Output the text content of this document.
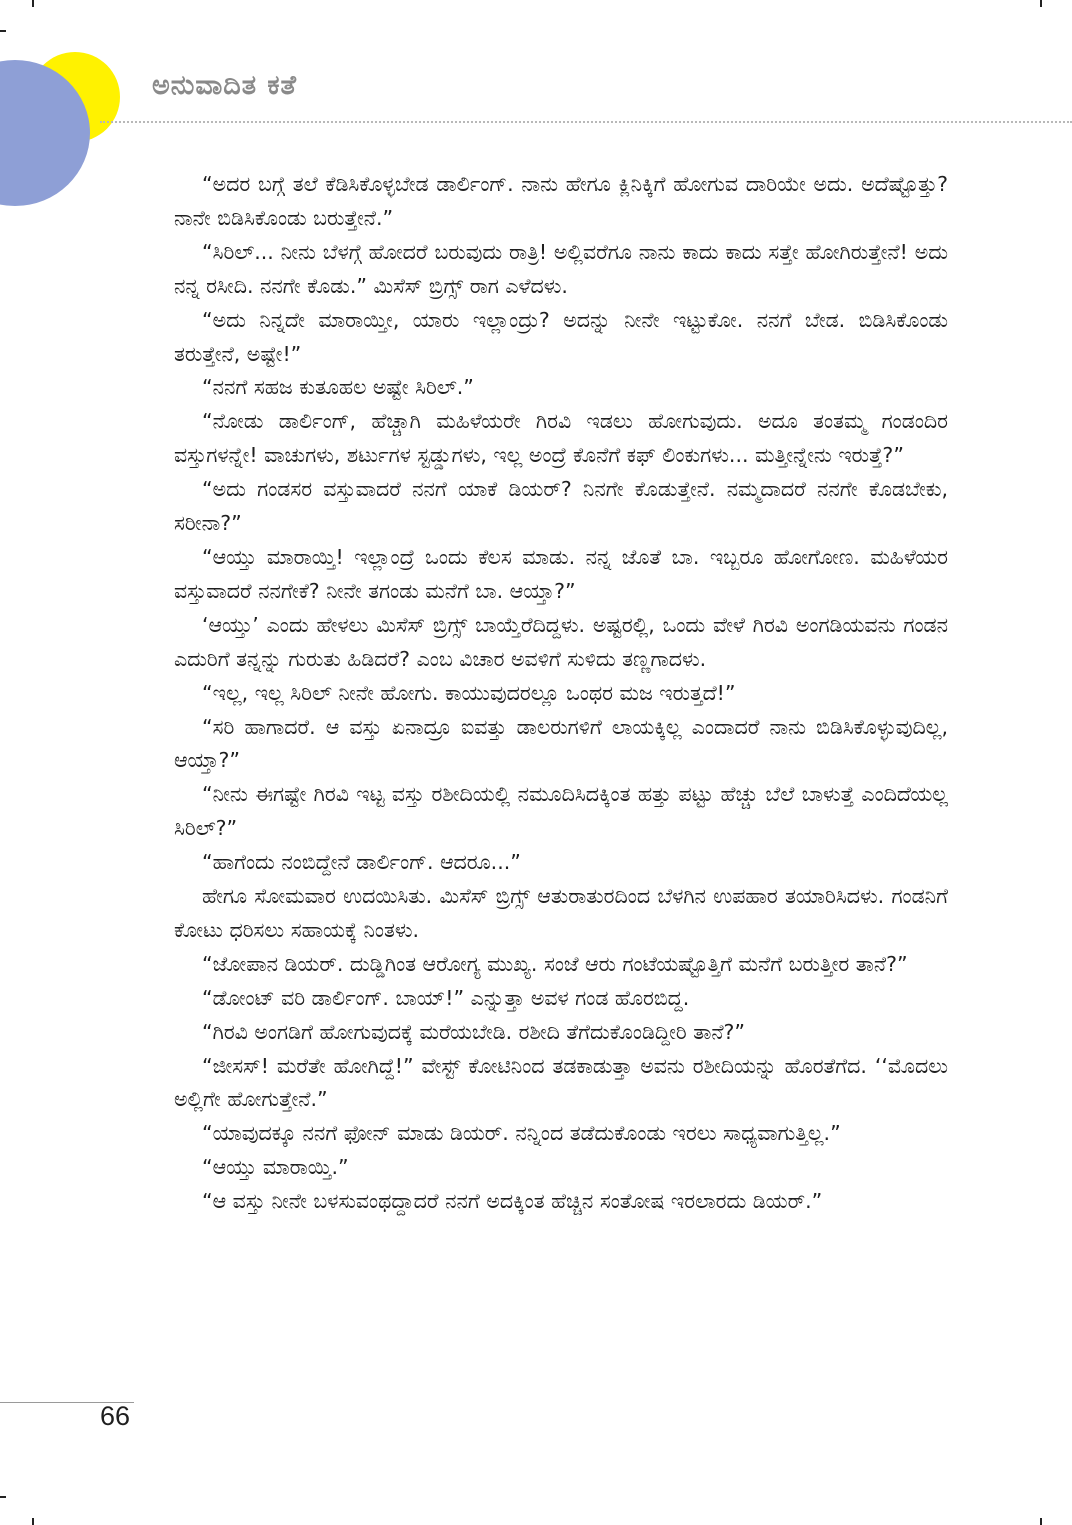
ಅನುವಾದಿತ ಕತೆ

“ಅದರ ಬಗ್ಗೆ ತಲೆ ಕೆಡಿಸಿಕೊಳ್ಳಬೇಡ ಡಾರ್ಲಿಂಗ್. ನಾನು ಹೇಗೂ ಕ್ಲಿನಿಕ್ಕಿಗೆ ಹೋಗುವ ದಾರಿಯೇ ಅದು. ಅದೆಷ್ಟೊತ್ತು? ನಾನೇ ಬಿಡಿಸಿಕೊಂಡು ಬರುತ್ತೇನೆ.”

“ಸಿರಿಲ್... ನೀನು ಬೆಳಗ್ಗೆ ಹೋದರೆ ಬರುವುದು ರಾತ್ರಿ! ಅಲ್ಲಿವರೆಗೂ ನಾನು ಕಾದು ಕಾದು ಸತ್ತೇ ಹೋಗಿರುತ್ತೇನೆ! ಅದು ನನ್ನ ರಸೀದಿ. ನನಗೇ ಕೊಡು.” ಮಿಸೆಸ್ ಬ್ರಿಗ್ಸ್ ರಾಗ ಎಳೆದಳು.

“ಅದು ನಿನ್ನದೇ ಮಾರಾಯ್ತೀ, ಯಾರು ಇಲ್ಲಾಂದ್ರು? ಅದನ್ನು ನೀನೇ ಇಟ್ಟುಕೋ. ನನಗೆ ಬೇಡ. ಬಿಡಿಸಿಕೊಂಡು ತರುತ್ತೇನೆ, ಅಷ್ಟೇ!”

“ನನಗೆ ಸಹಜ ಕುತೂಹಲ ಅಷ್ಟೇ ಸಿರಿಲ್.”

“ನೋಡು ಡಾರ್ಲಿಂಗ್, ಹೆಚ್ಚಾಗಿ ಮಹಿಳೆಯರೇ ಗಿರವಿ ಇಡಲು ಹೋಗುವುದು. ಅದೂ ತಂತಮ್ಮ ಗಂಡಂದಿರ ವಸ್ತುಗಳನ್ನೇ! ವಾಚುಗಳು, ಶರ್ಟುಗಳ ಸ್ಟಡ್ಡುಗಳು, ಇಲ್ಲ ಅಂದ್ರೆ ಕೊನೆಗೆ ಕಫ್ ಲಿಂಕುಗಳು... ಮತ್ತೀನ್ನೇನು ಇರುತ್ತೆ?”

“ಅದು ಗಂಡಸರ ವಸ್ತುವಾದರೆ ನನಗೆ ಯಾಕೆ ಡಿಯರ್? ನಿನಗೇ ಕೊಡುತ್ತೇನೆ. ನಮ್ಮದಾದರೆ ನನಗೇ ಕೊಡಬೇಕು, ಸರೀನಾ?”

“ಆಯ್ತು ಮಾರಾಯ್ತಿ! ಇಲ್ಲಾಂದ್ರೆ ಒಂದು ಕೆಲಸ ಮಾಡು. ನನ್ನ ಜೊತೆ ಬಾ. ಇಬ್ಬರೂ ಹೋಗೋಣ. ಮಹಿಳೆಯರ ವಸ್ತುವಾದರೆ ನನಗೇಕೆ? ನೀನೇ ತಗಂಡು ಮನೆಗೆ ಬಾ. ಆಯ್ತಾ?”

‘ಆಯ್ತು’ ಎಂದು ಹೇಳಲು ಮಿಸೆಸ್ ಬ್ರಿಗ್ಸ್ ಬಾಯ್ತೆರೆದಿದ್ದಳು. ಅಷ್ಟರಲ್ಲಿ, ಒಂದು ವೇಳೆ ಗಿರವಿ ಅಂಗಡಿಯವನು ಗಂಡನ ಎದುರಿಗೆ ತನ್ನನ್ನು ಗುರುತು ಹಿಡಿದರೆ? ಎಂಬ ವಿಚಾರ ಅವಳಿಗೆ ಸುಳಿದು ತಣ್ಣಗಾದಳು.

“ಇಲ್ಲ, ಇಲ್ಲ ಸಿರಿಲ್ ನೀನೇ ಹೋಗು. ಕಾಯುವುದರಲ್ಲೂ ಒಂಥರ ಮಜ ಇರುತ್ತದೆ!”

“ಸರಿ ಹಾಗಾದರೆ. ಆ ವಸ್ತು ಏನಾದ್ರೂ ಐವತ್ತು ಡಾಲರುಗಳಿಗೆ ಲಾಯಕ್ಕಿಲ್ಲ ಎಂದಾದರೆ ನಾನು ಬಿಡಿಸಿಕೊಳ್ಳುವುದಿಲ್ಲ, ಆಯ್ತಾ?”

“ನೀನು ಈಗಷ್ಟೇ ಗಿರವಿ ಇಟ್ಟ ವಸ್ತು ರಶೀದಿಯಲ್ಲಿ ನಮೂದಿಸಿದಕ್ಕಿಂತ ಹತ್ತು ಪಟ್ಟು ಹೆಚ್ಚು ಬೆಲೆ ಬಾಳುತ್ತೆ ಎಂದಿದೆಯಲ್ಲ ಸಿರಿಲ್?”

“ಹಾಗೆಂದು ನಂಬಿದ್ದೇನೆ ಡಾರ್ಲಿಂಗ್. ಆದರೂ...”

ಹೇಗೂ ಸೋಮವಾರ ಉದಯಿಸಿತು. ಮಿಸೆಸ್ ಬ್ರಿಗ್ಸ್ ಆತುರಾತುರದಿಂದ ಬೆಳಗಿನ ಉಪಹಾರ ತಯಾರಿಸಿದಳು. ಗಂಡನಿಗೆ ಕೋಟು ಧರಿಸಲು ಸಹಾಯಕ್ಕೆ ನಿಂತಳು.

“ಜೋಪಾನ ಡಿಯರ್. ದುಡ್ಡಿಗಿಂತ ಆರೋಗ್ಯ ಮುಖ್ಯ. ಸಂಜೆ ಆರು ಗಂಟೆಯಷ್ಟೊತ್ತಿಗೆ ಮನೆಗೆ ಬರುತ್ತೀರ ತಾನೆ?”

“ಡೋಂಟ್ ವರಿ ಡಾರ್ಲಿಂಗ್. ಬಾಯ್!” ಎನ್ನುತ್ತಾ ಅವಳ ಗಂಡ ಹೊರಬಿದ್ದ.

“ಗಿರವಿ ಅಂಗಡಿಗೆ ಹೋಗುವುದಕ್ಕೆ ಮರೆಯಬೇಡಿ. ರಶೀದಿ ತೆಗೆದುಕೊಂಡಿದ್ದೀರಿ ತಾನೆ?”

“ಜೀಸಸ್! ಮರೆತೇ ಹೋಗಿದ್ದೆ!” ವೇಸ್ಟ್ ಕೋಟಿನಿಂದ ತಡಕಾಡುತ್ತಾ ಅವನು ರಶೀದಿಯನ್ನು ಹೊರತೆಗೆದ. ‘‘ಮೊದಲು ಅಲ್ಲಿಗೇ ಹೋಗುತ್ತೇನೆ.”

“ಯಾವುದಕ್ಕೂ ನನಗೆ ಫೋನ್ ಮಾಡು ಡಿಯರ್. ನನ್ನಿಂದ ತಡೆದುಕೊಂಡು ಇರಲು ಸಾಧ್ಯವಾಗುತ್ತಿಲ್ಲ.”

“ಆಯ್ತು ಮಾರಾಯ್ತಿ.”

“ಆ ವಸ್ತು ನೀನೇ ಬಳಸುವಂಥದ್ದಾದರೆ ನನಗೆ ಅದಕ್ಕಿಂತ ಹೆಚ್ಚಿನ ಸಂತೋಷ ಇರಲಾರದು ಡಿಯರ್.”

66
